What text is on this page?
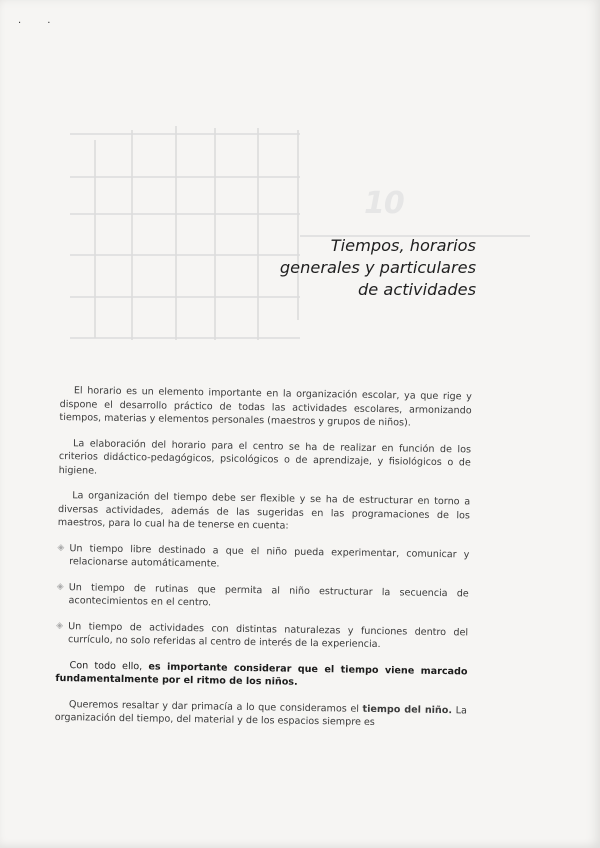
·	·
10
Tiempos, horarios
generales y particulares
de actividades

El horario es un elemento importante en la organización escolar, ya que rige y dispone el desarrollo práctico de todas las actividades escolares, armonizando tiempos, materias y elementos personales (maestros y grupos de niños).

La elaboración del horario para el centro se ha de realizar en función de los criterios didáctico-pedagógicos, psicológicos o de aprendizaje, y fisiológicos o de higiene.

La organización del tiempo debe ser flexible y se ha de estructurar en torno a diversas actividades, además de las sugeridas en las programaciones de los maestros, para lo cual ha de tenerse en cuenta:

◈ Un tiempo libre destinado a que el niño pueda experimentar, comunicar y relacionarse automáticamente.
◈ Un tiempo de rutinas que permita al niño estructurar la secuencia de acontecimientos en el centro.
◈ Un tiempo de actividades con distintas naturalezas y funciones dentro del currículo, no solo referidas al centro de interés de la experiencia.

Con todo ello, es importante considerar que el tiempo viene marcado fundamentalmente por el ritmo de los niños.

Queremos resaltar y dar primacía a lo que consideramos el tiempo del niño. La organización del tiempo, del material y de los espacios siempre es
